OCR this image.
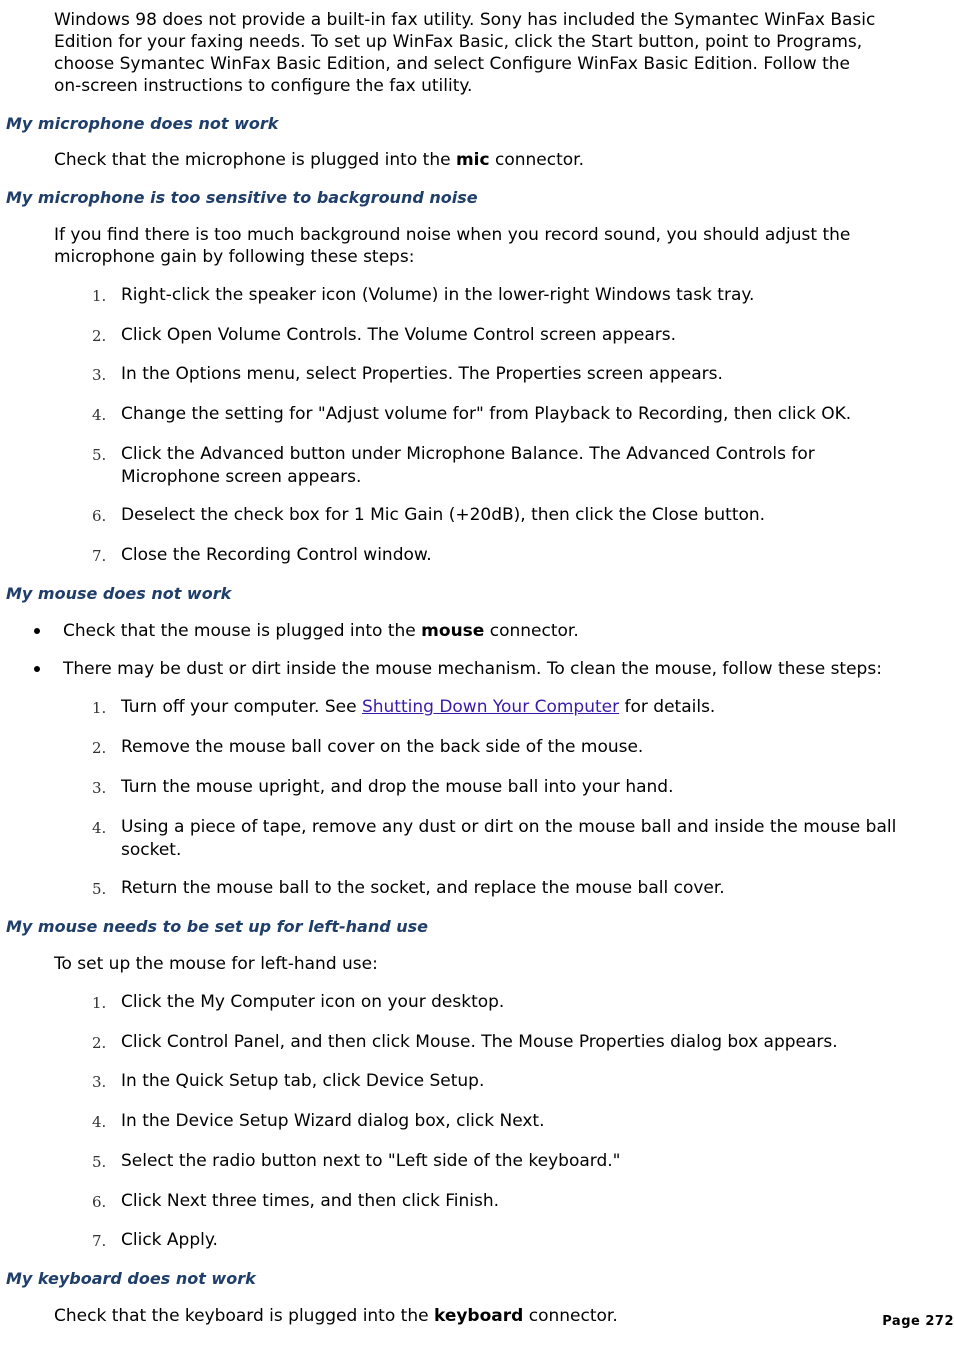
Windows 98 does not provide a built-in fax utility. Sony has included the Symantec WinFax Basic
Edition for your faxing needs. To set up WinFax Basic, click the Start button, point to Programs,
choose Symantec WinFax Basic Edition, and select Configure WinFax Basic Edition. Follow the
on-screen instructions to configure the fax utility.
My microphone does not work
Check that the microphone is plugged into the mic connector.
My microphone is too sensitive to background noise
If you find there is too much background noise when you record sound, you should adjust the
microphone gain by following these steps:
1. Right-click the speaker icon (Volume) in the lower-right Windows task tray.
2. Click Open Volume Controls. The Volume Control screen appears.
3. In the Options menu, select Properties. The Properties screen appears.
4. Change the setting for "Adjust volume for" from Playback to Recording, then click OK.
5. Click the Advanced button under Microphone Balance. The Advanced Controls for
Microphone screen appears.
6. Deselect the check box for 1 Mic Gain (+20dB), then click the Close button.
7. Close the Recording Control window.
My mouse does not work
Check that the mouse is plugged into the mouse connector.
There may be dust or dirt inside the mouse mechanism. To clean the mouse, follow these steps:
1. Turn off your computer. See Shutting Down Your Computer for details.
2. Remove the mouse ball cover on the back side of the mouse.
3. Turn the mouse upright, and drop the mouse ball into your hand.
4. Using a piece of tape, remove any dust or dirt on the mouse ball and inside the mouse ball
socket.
5. Return the mouse ball to the socket, and replace the mouse ball cover.
My mouse needs to be set up for left-hand use
To set up the mouse for left-hand use:
1. Click the My Computer icon on your desktop.
2. Click Control Panel, and then click Mouse. The Mouse Properties dialog box appears.
3. In the Quick Setup tab, click Device Setup.
4. In the Device Setup Wizard dialog box, click Next.
5. Select the radio button next to "Left side of the keyboard."
6. Click Next three times, and then click Finish.
7. Click Apply.
My keyboard does not work
Check that the keyboard is plugged into the keyboard connector.	Page 272
